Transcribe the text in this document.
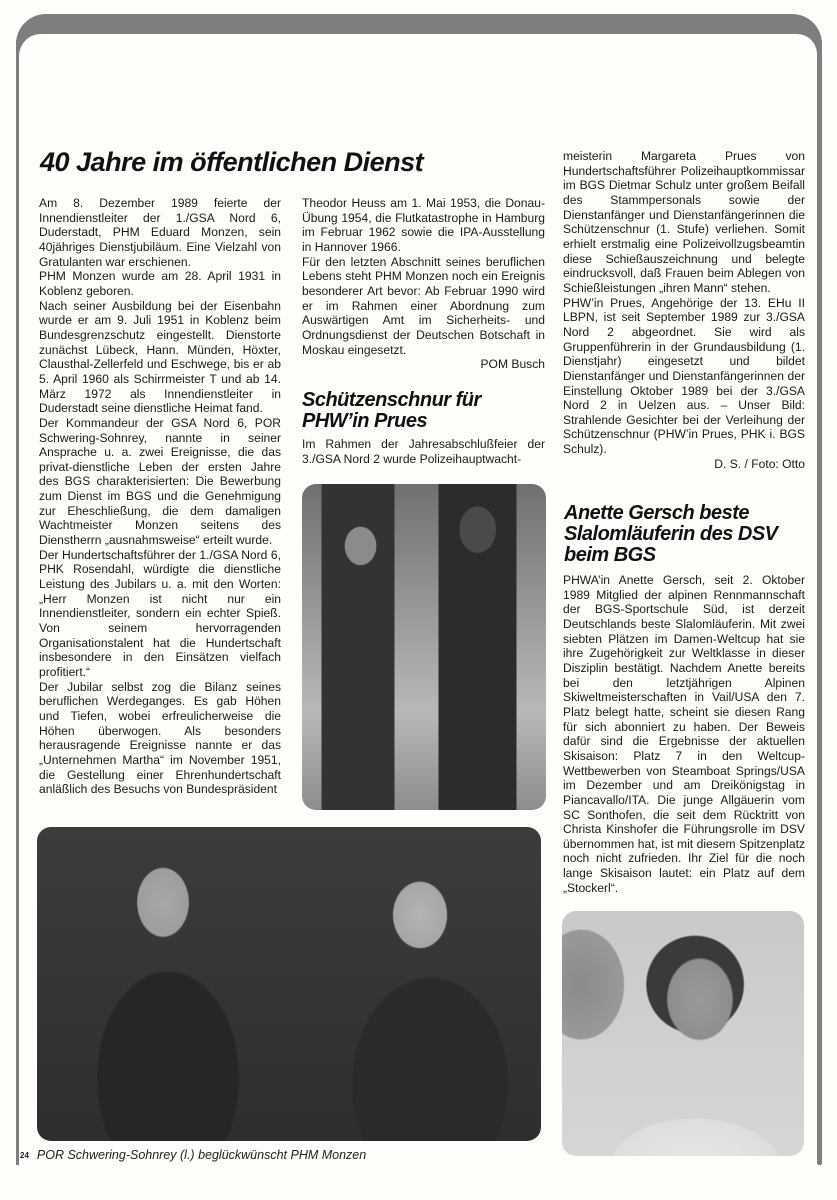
40 Jahre im öffentlichen Dienst

Am 8. Dezember 1989 feierte der Innendienstleiter der 1./GSA Nord 6, Duderstadt, PHM Eduard Monzen, sein 40jähriges Dienstjubiläum. Eine Vielzahl von Gratulanten war erschienen.

PHM Monzen wurde am 28. April 1931 in Koblenz geboren.

Nach seiner Ausbildung bei der Eisenbahn wurde er am 9. Juli 1951 in Koblenz beim Bundesgrenzschutz eingestellt. Dienstorte zunächst Lübeck, Hann. Münden, Höxter, Clausthal-Zellerfeld und Eschwege, bis er ab 5. April 1960 als Schirrmeister T und ab 14. März 1972 als Innendienstleiter in Duderstadt seine dienstliche Heimat fand.

Der Kommandeur der GSA Nord 6, POR Schwering-Sohnrey, nannte in seiner Ansprache u. a. zwei Ereignisse, die das privat-dienstliche Leben der ersten Jahre des BGS charakterisierten: Die Bewerbung zum Dienst im BGS und die Genehmigung zur Eheschließung, die dem damaligen Wachtmeister Monzen seitens des Dienstherrn „ausnahmsweise“ erteilt wurde.

Der Hundertschaftsführer der 1./GSA Nord 6, PHK Rosendahl, würdigte die dienstliche Leistung des Jubilars u. a. mit den Worten: „Herr Monzen ist nicht nur ein Innendienstleiter, sondern ein echter Spieß. Von seinem hervorragenden Organisationstalent hat die Hundertschaft insbesondere in den Einsätzen vielfach profitiert.“

Der Jubilar selbst zog die Bilanz seines beruflichen Werdeganges. Es gab Höhen und Tiefen, wobei erfreulicherweise die Höhen überwogen. Als besonders herausragende Ereignisse nannte er das „Unternehmen Martha“ im November 1951, die Gestellung einer Ehrenhundertschaft anläßlich des Besuchs von Bundespräsident

Theodor Heuss am 1. Mai 1953, die Donau-Übung 1954, die Flutkatastrophe in Hamburg im Februar 1962 sowie die IPA-Ausstellung in Hannover 1966.

Für den letzten Abschnitt seines beruflichen Lebens steht PHM Monzen noch ein Ereignis besonderer Art bevor: Ab Februar 1990 wird er im Rahmen einer Abordnung zum Auswärtigen Amt im Sicherheits- und Ordnungsdienst der Deutschen Botschaft in Moskau eingesetzt.

POM Busch

Schützenschnur für PHW’in Prues

Im Rahmen der Jahresabschlußfeier der 3./GSA Nord 2 wurde Polizeihauptwacht-

meisterin Margareta Prues von Hundertschaftsführer Polizeihauptkommissar im BGS Dietmar Schulz unter großem Beifall des Stammpersonals sowie der Dienstanfänger und Dienstanfängerinnen die Schützenschnur (1. Stufe) verliehen. Somit erhielt erstmalig eine Polizeivollzugsbeamtin diese Schießauszeichnung und belegte eindrucksvoll, daß Frauen beim Ablegen von Schießleistungen „ihren Mann“ stehen.

PHW’in Prues, Angehörige der 13. EHu II LBPN, ist seit September 1989 zur 3./GSA Nord 2 abgeordnet. Sie wird als Gruppenführerin in der Grundausbildung (1. Dienstjahr) eingesetzt und bildet Dienstanfänger und Dienstanfängerinnen der Einstellung Oktober 1989 bei der 3./GSA Nord 2 in Uelzen aus. – Unser Bild: Strahlende Gesichter bei der Verleihung der Schützenschnur (PHW’in Prues, PHK i. BGS Schulz).

D. S. / Foto: Otto

Anette Gersch beste Slalomläuferin des DSV beim BGS

PHWA’in Anette Gersch, seit 2. Oktober 1989 Mitglied der alpinen Rennmannschaft der BGS-Sportschule Süd, ist derzeit Deutschlands beste Slalomläuferin. Mit zwei siebten Plätzen im Damen-Weltcup hat sie ihre Zugehörigkeit zur Weltklasse in dieser Disziplin bestätigt. Nachdem Anette bereits bei den letztjährigen Alpinen Skiweltmeisterschaften in Vail/USA den 7. Platz belegt hatte, scheint sie diesen Rang für sich abonniert zu haben. Der Beweis dafür sind die Ergebnisse der aktuellen Skisaison: Platz 7 in den Weltcup-Wettbewerben von Steamboat Springs/USA im Dezember und am Dreikönigstag in Piancavallo/ITA. Die junge Allgäuerin vom SC Sonthofen, die seit dem Rücktritt von Christa Kinshofer die Führungsrolle im DSV übernommen hat, ist mit diesem Spitzenplatz noch nicht zufrieden. Ihr Ziel für die noch lange Skisaison lautet: ein Platz auf dem „Stockerl“.

24 POR Schwering-Sohnrey (l.) beglückwünscht PHM Monzen
